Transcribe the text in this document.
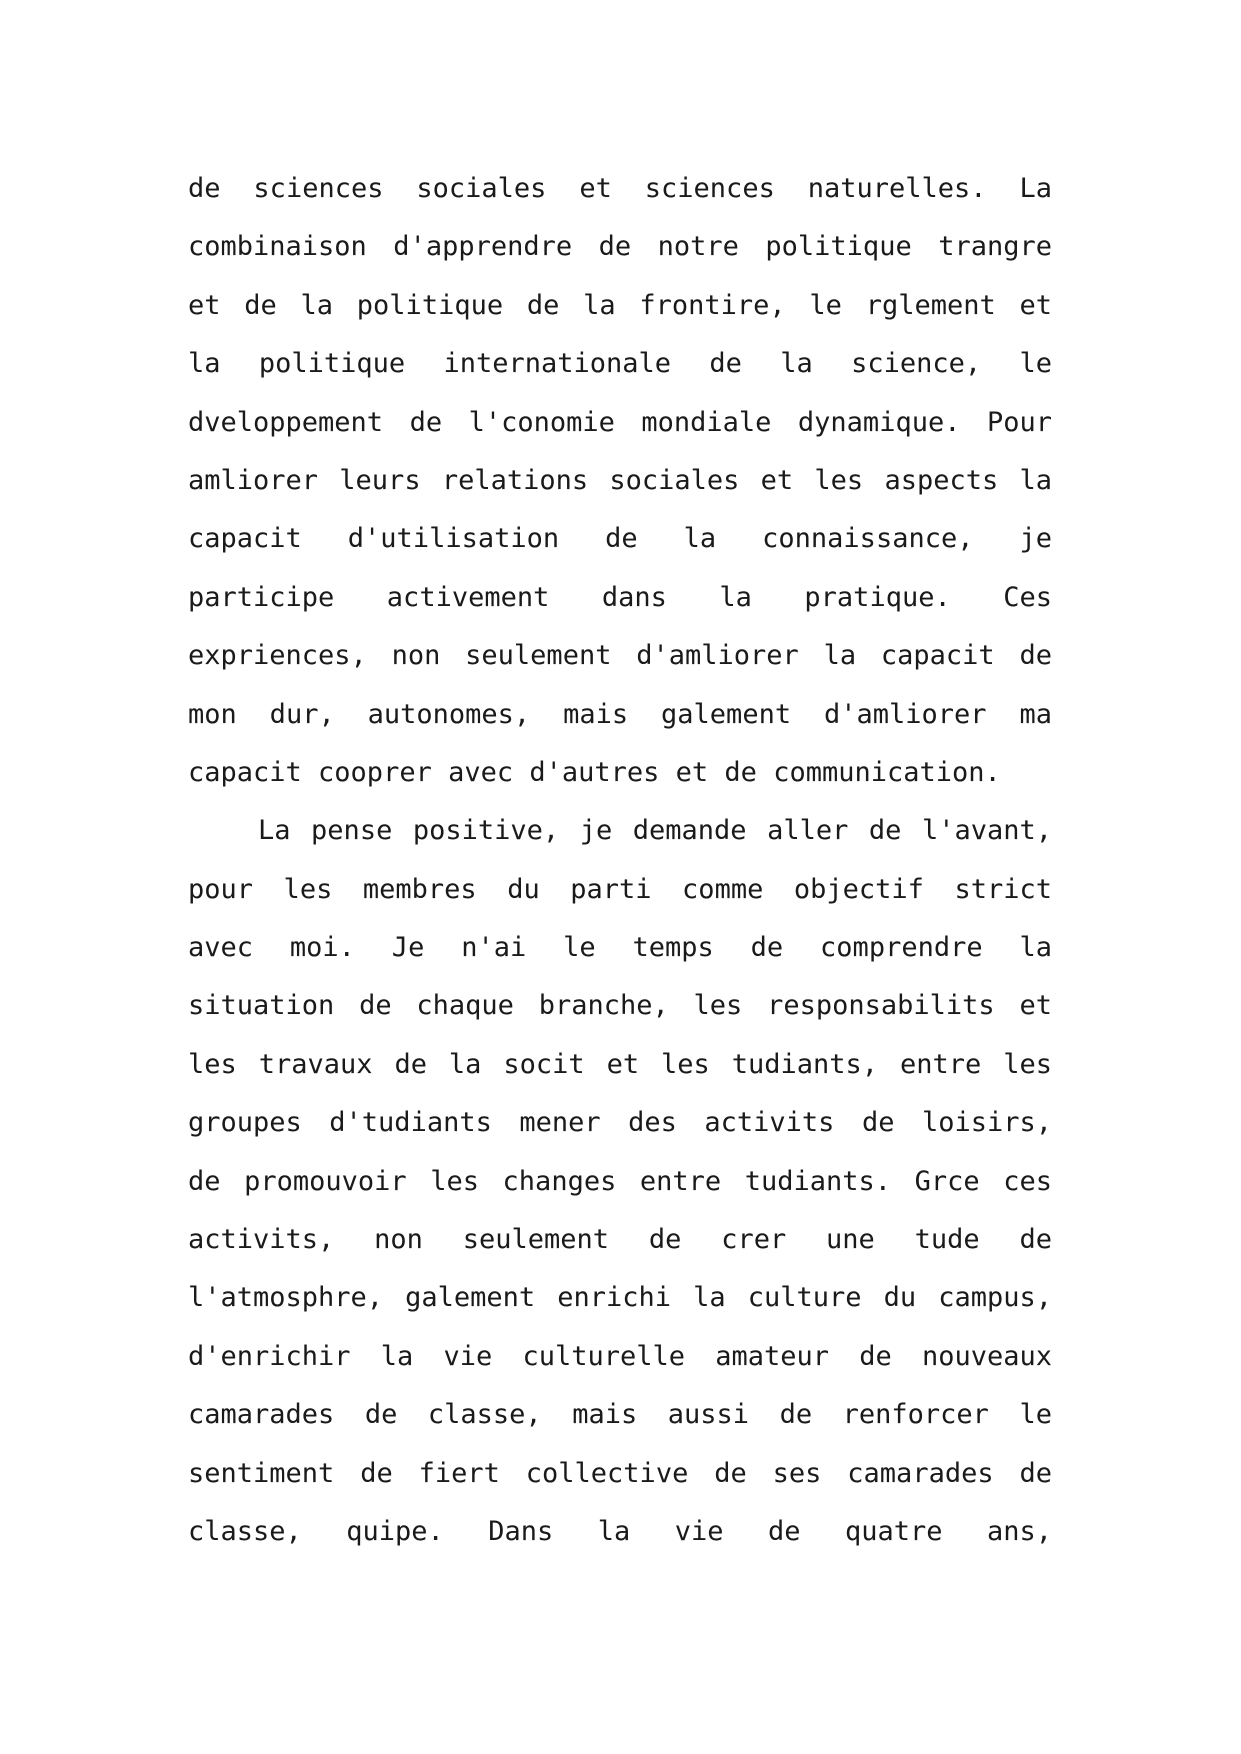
de sciences sociales et sciences naturelles. La
combinaison d'apprendre de notre politique trangre
et de la politique de la frontire, le rglement et
la politique internationale de la science, le
dveloppement de l'conomie mondiale dynamique. Pour
amliorer leurs relations sociales et les aspects la
capacit d'utilisation de la connaissance, je
participe activement dans la pratique. Ces
expriences, non seulement d'amliorer la capacit de
mon dur, autonomes, mais galement d'amliorer ma
capacit cooprer avec d'autres et de communication.
La pense positive, je demande aller de l'avant,
pour les membres du parti comme objectif strict
avec moi. Je n'ai le temps de comprendre la
situation de chaque branche, les responsabilits et
les travaux de la socit et les tudiants, entre les
groupes d'tudiants mener des activits de loisirs,
de promouvoir les changes entre tudiants. Grce ces
activits, non seulement de crer une tude de
l'atmosphre, galement enrichi la culture du campus,
d'enrichir la vie culturelle amateur de nouveaux
camarades de classe, mais aussi de renforcer le
sentiment de fiert collective de ses camarades de
classe, quipe. Dans la vie de quatre ans,
